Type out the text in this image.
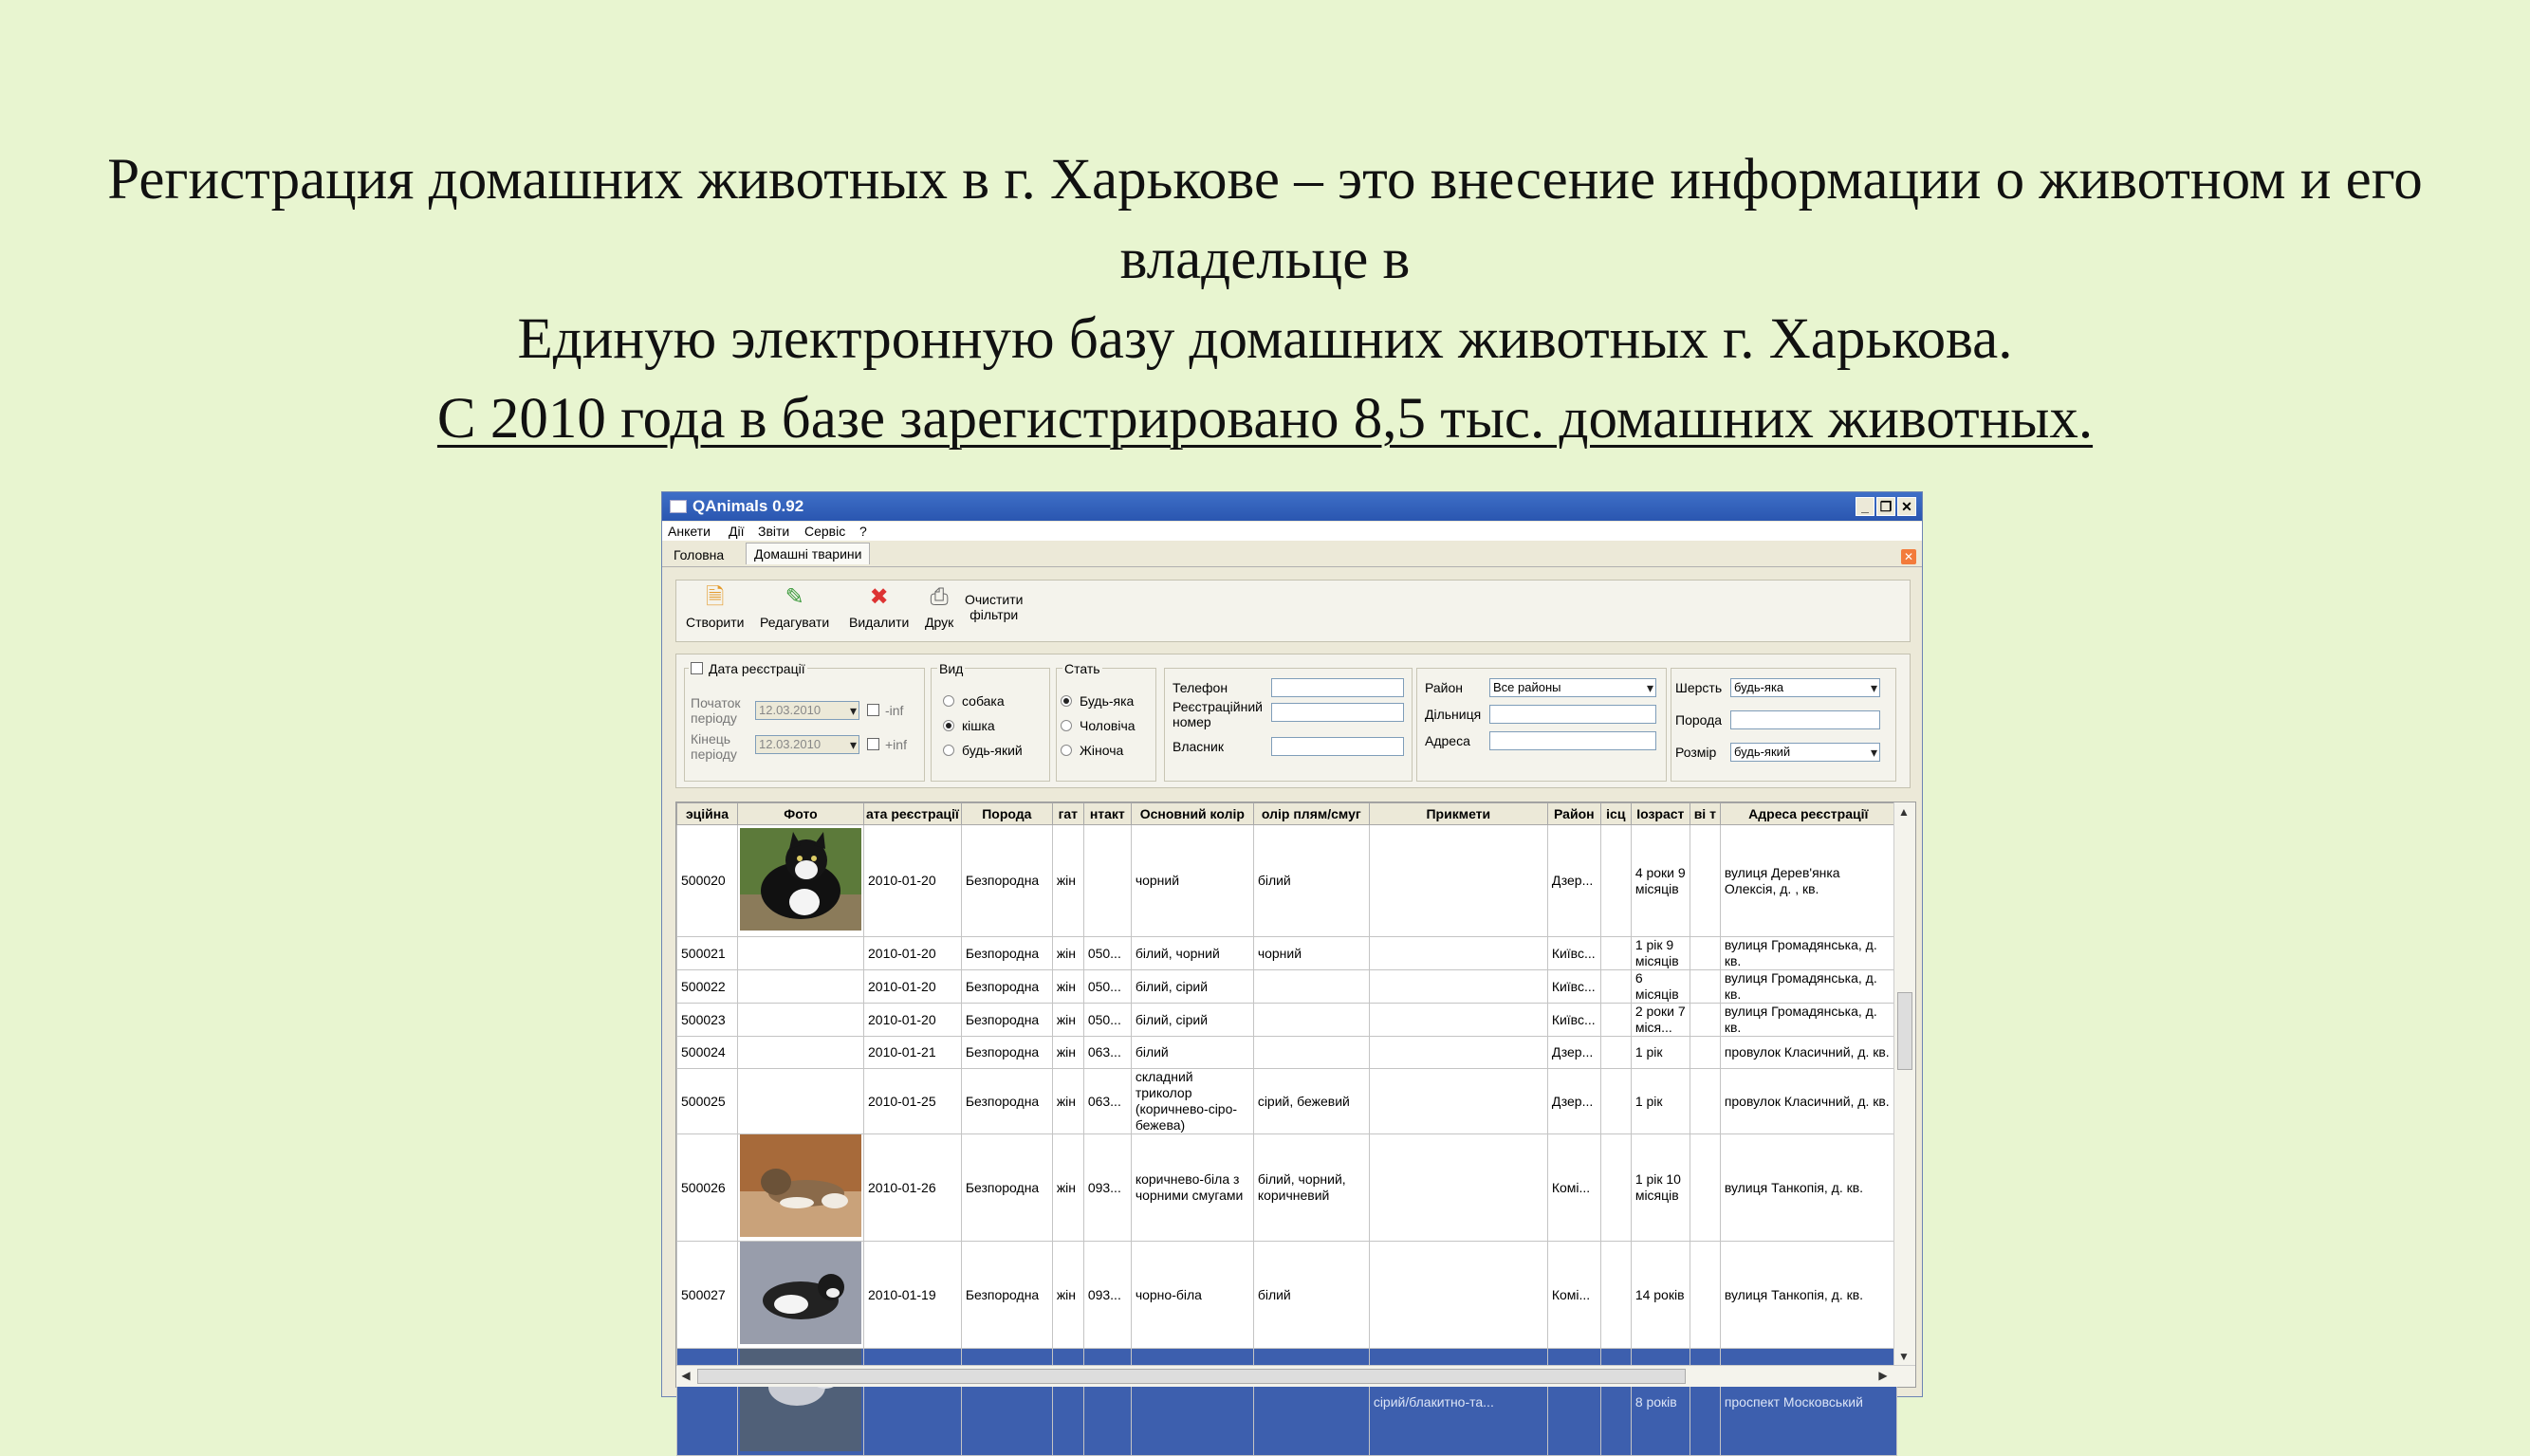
Регистрация домашних животных в г. Харькове – это внесение информации о животном и его владельце в
Единую электронную базу домашних животных г. Харькова.
С 2010 года в базе зарегистрировано 8,5 тыс. домашних животных.
QAnimals 0.92	_ ❐ ✕
Анкети Дії Звіти Сервіс ?
Головна	Домашні тварини	✕
🗎
Створити
✎
Редагувати
✖
Видалити
⎙
Друк
Очистити
фільтри
Дата реєстрації
Початок
періоду
12.03.2010 ▾	-inf
Кінець
періоду
12.03.2010 ▾	+inf
Вид
собака
кішка
будь-який
Стать
Будь-яка
Чоловіча
Жіноча
Телефон
Реєстраційний
номер
Власник
Район	Все районы ▾
Дільниця
Адреса
Шерсть будь-яка ▾
Порода
Розмір	будь-який ▾
эційна	Фото	ата реєстрації	Порода	гат	нтакт	Основний колір	олір плям/смуг	Прикмети	Район	ісц	Іозраст	ві т	Адреса реєстрації
500020		2010-01-20	Безпородна	жін		чорний	білий		Дзер...		4 роки 9 місяців		вулиця Дерев'янка Олексія, д. , кв.
500021		2010-01-20	Безпородна	жін	050...	білий, чорний	чорний		Київс...		1 рік 9 місяців		вулиця Громадянська, д. кв.
500022		2010-01-20	Безпородна	жін	050...	білий, сірий			Київс...		6 місяців		вулиця Громадянська, д. кв.
500023		2010-01-20	Безпородна	жін	050...	білий, сірий			Київс...		2 роки 7 міся...		вулиця Громадянська, д. кв.
500024		2010-01-21	Безпородна	жін	063...	білий			Дзер...		1 рік		провулок Класичний, д. кв.
500025		2010-01-25	Безпородна	жін	063...	складний триколор (коричнево-сіро-бежева)	сірий, бежевий		Дзер...		1 рік		провулок Класичний, д. кв.
500026		2010-01-26	Безпородна	жін	093...	коричнево-біла з чорними смугами	білий, чорний, коричневий		Комі...		1 рік 10 місяців		вулиця Танкопія, д. кв.
500027		2010-01-19	Безпородна	жін	093...	чорно-біла	білий		Комі...		14 років		вулиця Танкопія, д. кв.
								сірий/блакитно-та...			8 років		проспект Московський
▲
▼
◀	▶
